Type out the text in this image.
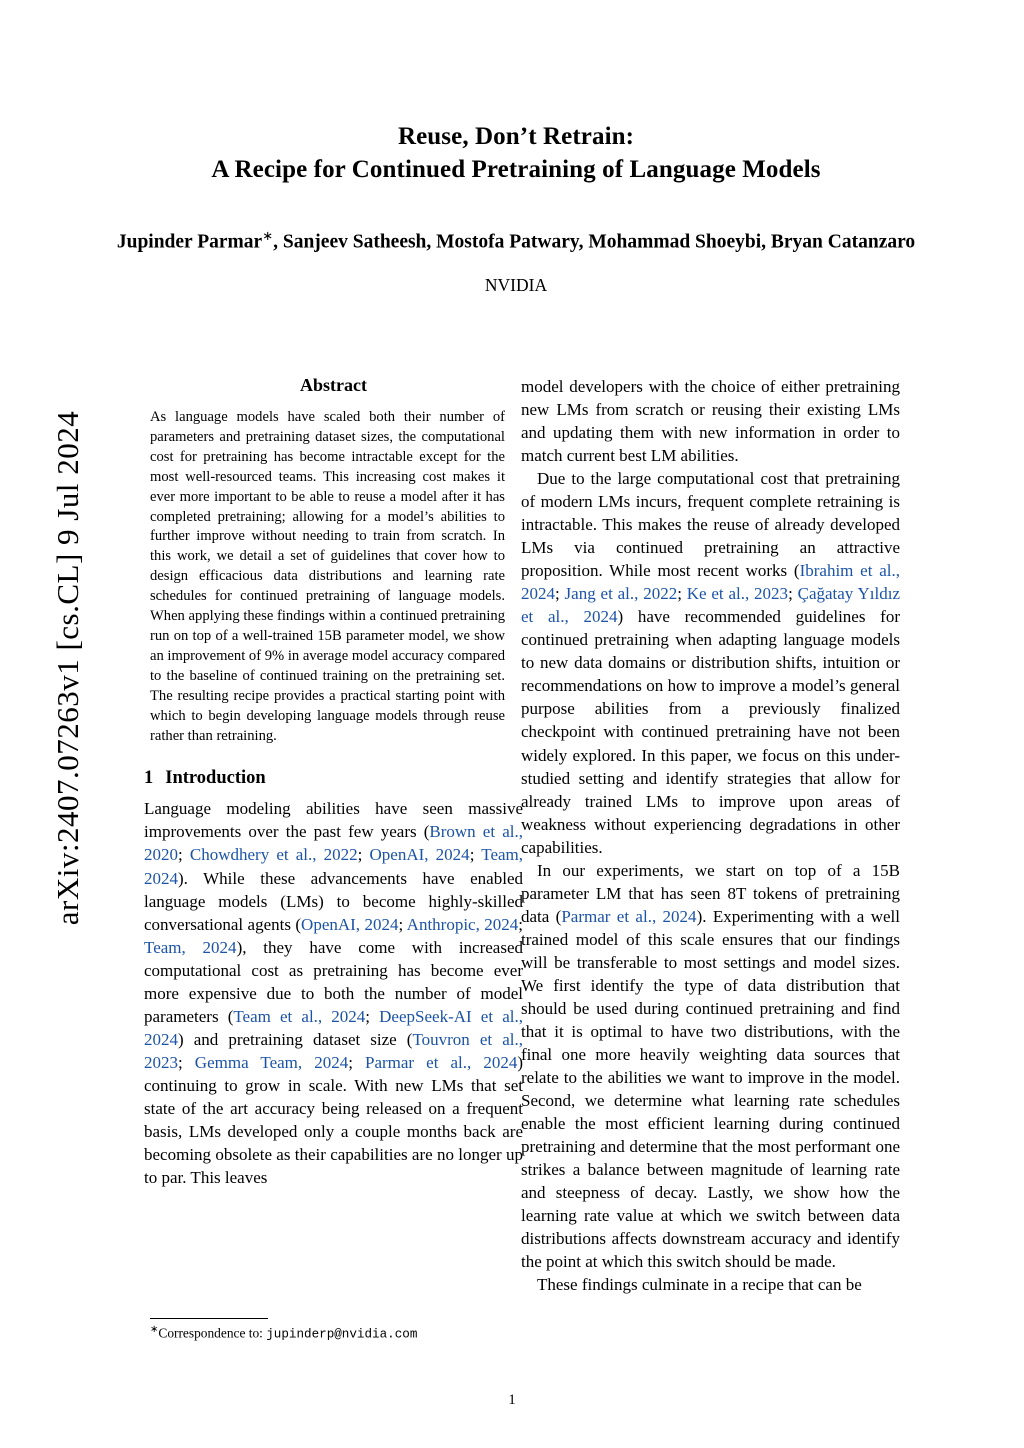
arXiv:2407.07263v1 [cs.CL] 9 Jul 2024
Reuse, Don’t Retrain:
A Recipe for Continued Pretraining of Language Models
Jupinder Parmar∗, Sanjeev Satheesh, Mostofa Patwary, Mohammad Shoeybi, Bryan Catanzaro
NVIDIA
Abstract
As language models have scaled both their number of parameters and pretraining dataset sizes, the computational cost for pretraining has become intractable except for the most well-resourced teams. This increasing cost makes it ever more important to be able to reuse a model after it has completed pretraining; allowing for a model’s abilities to further improve without needing to train from scratch. In this work, we detail a set of guidelines that cover how to design efficacious data distributions and learning rate schedules for continued pretraining of language models. When applying these findings within a continued pretraining run on top of a well-trained 15B parameter model, we show an improvement of 9% in average model accuracy compared to the baseline of continued training on the pretraining set. The resulting recipe provides a practical starting point with which to begin developing language models through reuse rather than retraining.
1 Introduction

Language modeling abilities have seen massive improvements over the past few years (Brown et al., 2020; Chowdhery et al., 2022; OpenAI, 2024; Team, 2024). While these advancements have enabled language models (LMs) to become highly-skilled conversational agents (OpenAI, 2024; Anthropic, 2024; Team, 2024), they have come with increased computational cost as pretraining has become ever more expensive due to both the number of model parameters (Team et al., 2024; DeepSeek-AI et al., 2024) and pretraining dataset size (Touvron et al., 2023; Gemma Team, 2024; Parmar et al., 2024) continuing to grow in scale. With new LMs that set state of the art accuracy being released on a frequent basis, LMs developed only a couple months back are becoming obsolete as their capabilities are no longer up to par. This leaves

model developers with the choice of either pretraining new LMs from scratch or reusing their existing LMs and updating them with new information in order to match current best LM abilities.

Due to the large computational cost that pretraining of modern LMs incurs, frequent complete retraining is intractable. This makes the reuse of already developed LMs via continued pretraining an attractive proposition. While most recent works (Ibrahim et al., 2024; Jang et al., 2022; Ke et al., 2023; Çağatay Yıldız et al., 2024) have recommended guidelines for continued pretraining when adapting language models to new data domains or distribution shifts, intuition or recommendations on how to improve a model’s general purpose abilities from a previously finalized checkpoint with continued pretraining have not been widely explored. In this paper, we focus on this under-studied setting and identify strategies that allow for already trained LMs to improve upon areas of weakness without experiencing degradations in other capabilities.

In our experiments, we start on top of a 15B parameter LM that has seen 8T tokens of pretraining data (Parmar et al., 2024). Experimenting with a well trained model of this scale ensures that our findings will be transferable to most settings and model sizes. We first identify the type of data distribution that should be used during continued pretraining and find that it is optimal to have two distributions, with the final one more heavily weighting data sources that relate to the abilities we want to improve in the model. Second, we determine what learning rate schedules enable the most efficient learning during continued pretraining and determine that the most performant one strikes a balance between magnitude of learning rate and steepness of decay. Lastly, we show how the learning rate value at which we switch between data distributions affects downstream accuracy and identify the point at which this switch should be made.

These findings culminate in a recipe that can be

∗Correspondence to: jupinderp@nvidia.com
1
